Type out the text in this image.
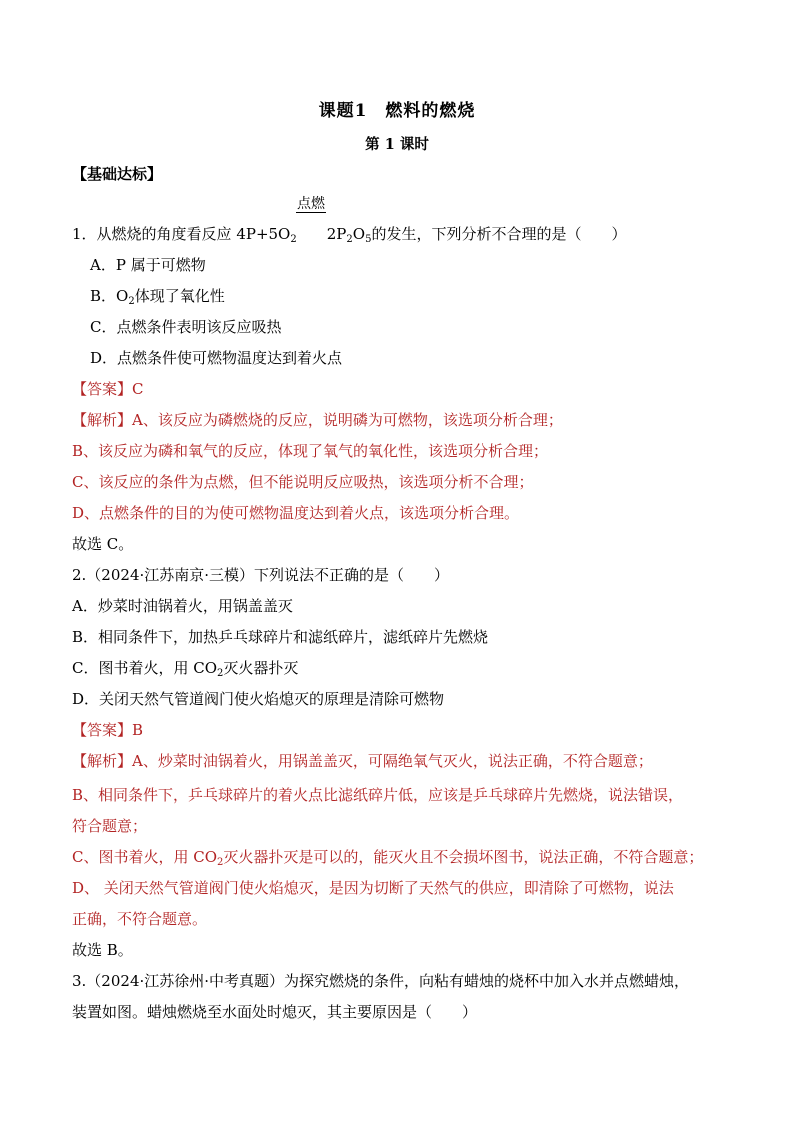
课题1　燃料的燃烧
第 1 课时
【基础达标】
点燃
1．从燃烧的角度看反应 $4P+5O_2$　　$2P_2O_5$的发生，下列分析不合理的是（　　）
A．P 属于可燃物
B．$O_2$体现了氧化性
C．点燃条件表明该反应吸热
D．点燃条件使可燃物温度达到着火点
【答案】C
【解析】A、该反应为磷燃烧的反应，说明磷为可燃物，该选项分析合理；
B、该反应为磷和氧气的反应，体现了氧气的氧化性，该选项分析合理；
C、该反应的条件为点燃，但不能说明反应吸热，该选项分析不合理；
D、点燃条件的目的为使可燃物温度达到着火点，该选项分析合理。
故选 C。
2.（2024·江苏南京·三模）下列说法不正确的是（　　）
A．炒菜时油锅着火，用锅盖盖灭
B．相同条件下，加热乒乓球碎片和滤纸碎片，滤纸碎片先燃烧
C．图书着火，用 $CO_2$灭火器扑灭
D．关闭天然气管道阀门使火焰熄灭的原理是清除可燃物
【答案】B
【解析】A、炒菜时油锅着火，用锅盖盖灭，可隔绝氧气灭火，说法正确，不符合题意；
B、相同条件下，乒乓球碎片的着火点比滤纸碎片低，应该是乒乓球碎片先燃烧，说法错误，
符合题意；
C、图书着火，用 $CO_2$灭火器扑灭是可以的，能灭火且不会损坏图书，说法正确，不符合题意；
D、 关闭天然气管道阀门使火焰熄灭，是因为切断了天然气的供应，即清除了可燃物，说法
正确，不符合题意。
故选 B。
3.（2024·江苏徐州·中考真题）为探究燃烧的条件，向粘有蜡烛的烧杯中加入水并点燃蜡烛，
装置如图。蜡烛燃烧至水面处时熄灭，其主要原因是（　　）
